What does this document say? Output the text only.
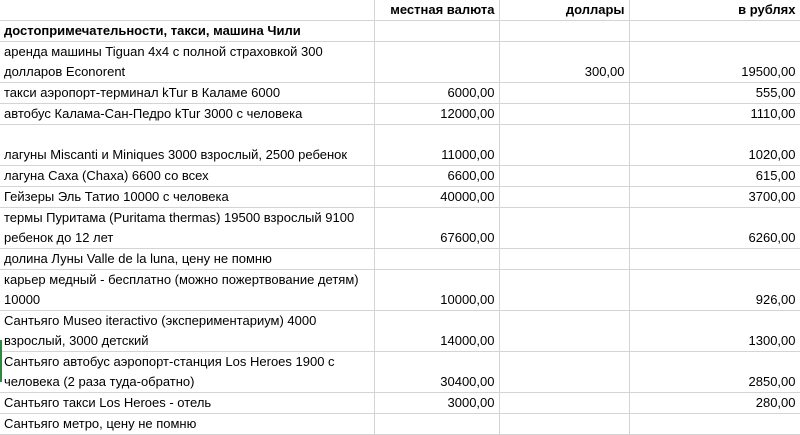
	местная валюта	доллары	в рублях
достопримечательности, такси, машина Чили			
аренда машины Tiguan 4x4 с полной страховкой 300 долларов Econorent		300,00	19500,00
такси аэропорт-терминал kTur в Каламе 6000	6000,00		555,00
автобус Калама-Сан-Педро kTur 3000 с человека	12000,00		1110,00
лагуны Miscanti и Miniques 3000 взрослый, 2500 ребенок	11000,00		1020,00
лагуна Саха (Chaxa) 6600 со всех	6600,00		615,00
Гейзеры Эль Татио 10000 с человека	40000,00		3700,00
термы Пуритама (Puritama thermas) 19500 взрослый 9100 ребенок до 12 лет	67600,00		6260,00
долина Луны Valle de la luna, цену не помню			
карьер медный - бесплатно (можно пожертвование детям) 10000	10000,00		926,00
Сантьяго Museo iteractivo (экспериментариум) 4000 взрослый, 3000 детский	14000,00		1300,00
Сантьяго автобус аэропорт-станция Los Heroes 1900 с человека (2 раза туда-обратно)	30400,00		2850,00
Сантьяго такси Los Heroes - отель	3000,00		280,00
Сантьяго метро, цену не помню			
